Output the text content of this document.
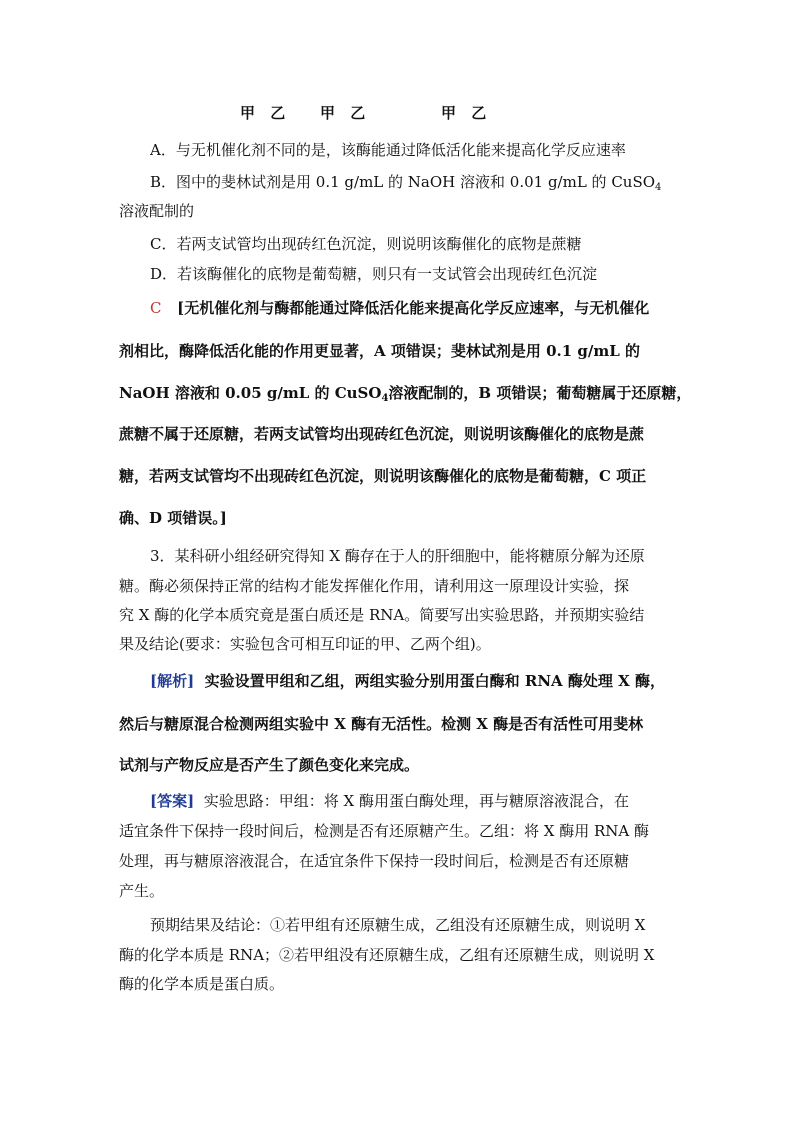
甲 乙 甲 乙	甲 乙
A．与无机催化剂不同的是，该酶能通过降低活化能来提高化学反应速率
B．图中的斐林试剂是用 0.1 g/mL 的 NaOH 溶液和 0.01 g/mL 的 CuSO$_4$
溶液配制的
C．若两支试管均出现砖红色沉淀，则说明该酶催化的底物是蔗糖
D．若该酶催化的底物是葡萄糖，则只有一支试管会出现砖红色沉淀
C [无机催化剂与酶都能通过降低活化能来提高化学反应速率，与无机催化
剂相比，酶降低活化能的作用更显著，A 项错误；斐林试剂是用 0.1 g/mL 的
NaOH 溶液和 0.05 g/mL 的 CuSO$_4$溶液配制的，B 项错误；葡萄糖属于还原糖，
蔗糖不属于还原糖，若两支试管均出现砖红色沉淀，则说明该酶催化的底物是蔗
糖，若两支试管均不出现砖红色沉淀，则说明该酶催化的底物是葡萄糖，C 项正
确、D 项错误。]
3．某科研小组经研究得知 X 酶存在于人的肝细胞中，能将糖原分解为还原
糖。酶必须保持正常的结构才能发挥催化作用，请利用这一原理设计实验，探
究 X 酶的化学本质究竟是蛋白质还是 RNA。简要写出实验思路，并预期实验结
果及结论(要求：实验包含可相互印证的甲、乙两个组)。
[解析] 实验设置甲组和乙组，两组实验分别用蛋白酶和 RNA 酶处理 X 酶，
然后与糖原混合检测两组实验中 X 酶有无活性。检测 X 酶是否有活性可用斐林
试剂与产物反应是否产生了颜色变化来完成。
[答案] 实验思路：甲组：将 X 酶用蛋白酶处理，再与糖原溶液混合，在
适宜条件下保持一段时间后，检测是否有还原糖产生。乙组：将 X 酶用 RNA 酶
处理，再与糖原溶液混合，在适宜条件下保持一段时间后，检测是否有还原糖
产生。
预期结果及结论：①若甲组有还原糖生成，乙组没有还原糖生成，则说明 X
酶的化学本质是 RNA；②若甲组没有还原糖生成，乙组有还原糖生成，则说明 X
酶的化学本质是蛋白质。
